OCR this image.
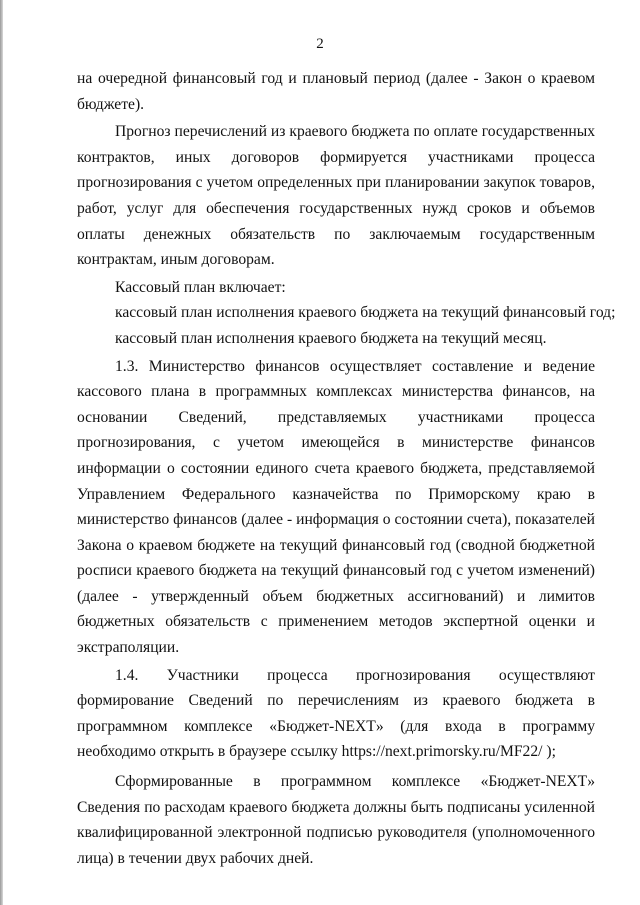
2

на очередной финансовый год и плановый период (далее - Закон о краевом бюджете).

Прогноз перечислений из краевого бюджета по оплате государственных контрактов, иных договоров формируется участниками процесса прогнозирования с учетом определенных при планировании закупок товаров, работ, услуг для обеспечения государственных нужд сроков и объемов оплаты денежных обязательств по заключаемым государственным контрактам, иным договорам.

Кассовый план включает:

кассовый план исполнения краевого бюджета на текущий финансовый год;

кассовый план исполнения краевого бюджета на текущий месяц.

1.3. Министерство финансов осуществляет составление и ведение кассового плана в программных комплексах министерства финансов, на основании Сведений, представляемых участниками процесса прогнозирования, с учетом имеющейся в министерстве финансов информации о состоянии единого счета краевого бюджета, представляемой Управлением Федерального казначейства по Приморскому краю в министерство финансов (далее - информация о состоянии счета), показателей Закона о краевом бюджете на текущий финансовый год (сводной бюджетной росписи краевого бюджета на текущий финансовый год с учетом изменений) (далее - утвержденный объем бюджетных ассигнований) и лимитов бюджетных обязательств с применением методов экспертной оценки и экстраполяции.

1.4. Участники процесса прогнозирования осуществляют формирование Сведений по перечислениям из краевого бюджета в программном комплексе «Бюджет-NEXT» (для входа в программу необходимо открыть в браузере ссылку https://next.primorsky.ru/MF22/ );

Сформированные в программном комплексе «Бюджет-NEXT» Сведения по расходам краевого бюджета должны быть подписаны усиленной квалифицированной электронной подписью руководителя (уполномоченного лица) в течении двух рабочих дней.
